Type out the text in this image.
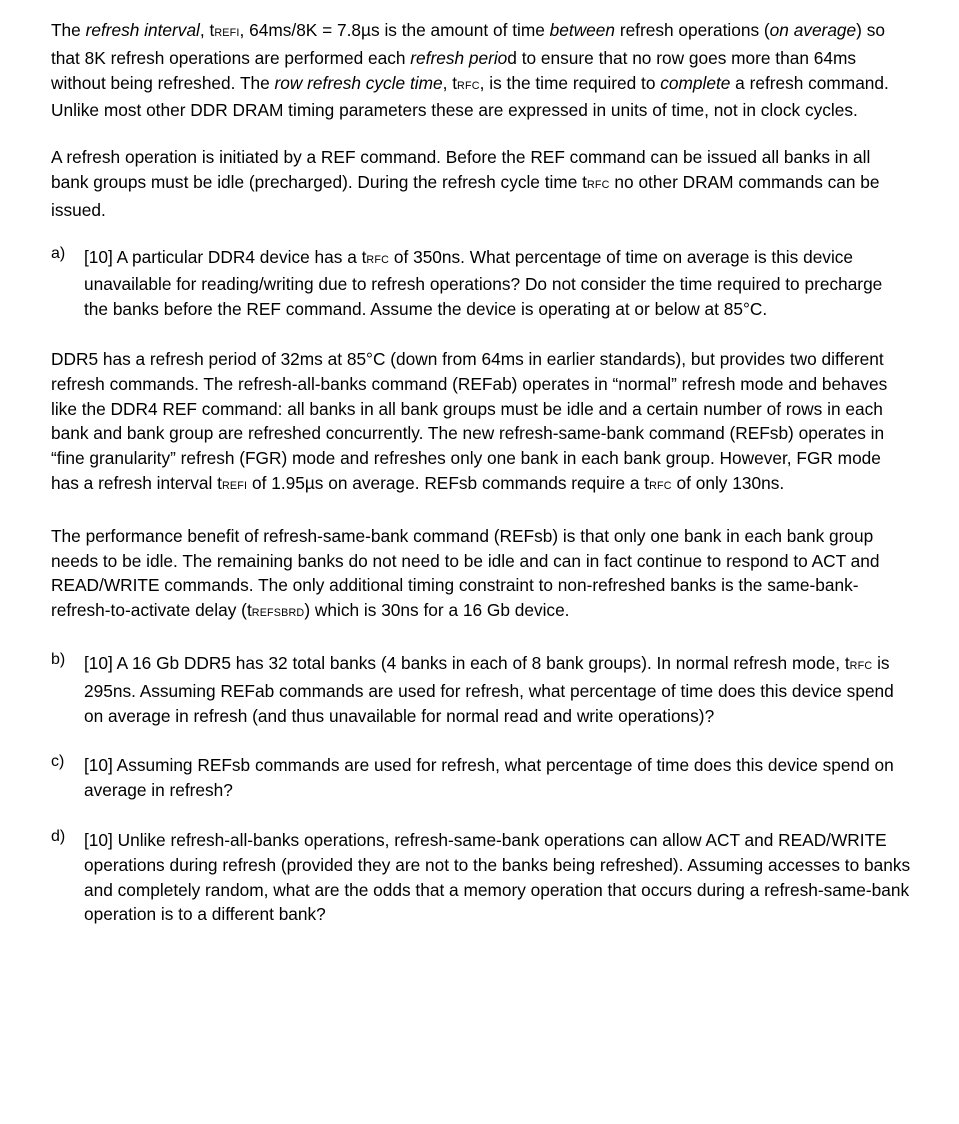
The refresh interval, tREFI, 64ms/8K = 7.8µs is the amount of time between refresh operations (on average) so that 8K refresh operations are performed each refresh period to ensure that no row goes more than 64ms without being refreshed. The row refresh cycle time, tRFC, is the time required to complete a refresh command. Unlike most other DDR DRAM timing parameters these are expressed in units of time, not in clock cycles.

A refresh operation is initiated by a REF command. Before the REF command can be issued all banks in all bank groups must be idle (precharged). During the refresh cycle time tRFC no other DRAM commands can be issued.

a) [10] A particular DDR4 device has a tRFC of 350ns. What percentage of time on average is this device unavailable for reading/writing due to refresh operations? Do not consider the time required to precharge the banks before the REF command. Assume the device is operating at or below at 85°C.

DDR5 has a refresh period of 32ms at 85°C (down from 64ms in earlier standards), but provides two different refresh commands. The refresh-all-banks command (REFab) operates in “normal” refresh mode and behaves like the DDR4 REF command: all banks in all bank groups must be idle and a certain number of rows in each bank and bank group are refreshed concurrently. The new refresh-same-bank command (REFsb) operates in “fine granularity” refresh (FGR) mode and refreshes only one bank in each bank group. However, FGR mode has a refresh interval tREFI of 1.95µs on average. REFsb commands require a tRFC of only 130ns.

The performance benefit of refresh-same-bank command (REFsb) is that only one bank in each bank group needs to be idle. The remaining banks do not need to be idle and can in fact continue to respond to ACT and READ/WRITE commands. The only additional timing constraint to non-refreshed banks is the same-bank-refresh-to-activate delay (tREFSBRD) which is 30ns for a 16 Gb device.

b) [10] A 16 Gb DDR5 has 32 total banks (4 banks in each of 8 bank groups). In normal refresh mode, tRFC is 295ns. Assuming REFab commands are used for refresh, what percentage of time does this device spend on average in refresh (and thus unavailable for normal read and write operations)?

c) [10] Assuming REFsb commands are used for refresh, what percentage of time does this device spend on average in refresh?

d) [10] Unlike refresh-all-banks operations, refresh-same-bank operations can allow ACT and READ/WRITE operations during refresh (provided they are not to the banks being refreshed). Assuming accesses to banks and completely random, what are the odds that a memory operation that occurs during a refresh-same-bank operation is to a different bank?
